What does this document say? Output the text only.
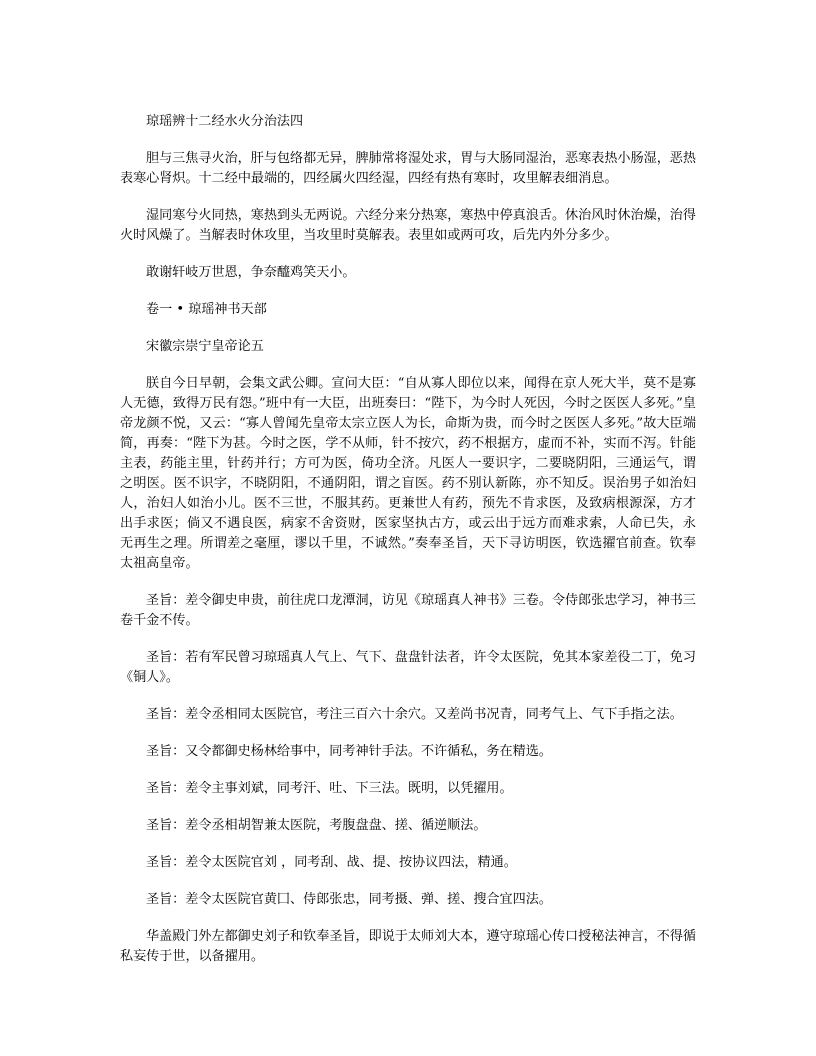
琼瑶辨十二经水火分治法四

胆与三焦寻火治，肝与包络都无异，脾肺常将湿处求，胃与大肠同湿治，恶寒表热小肠湿，恶热表寒心肾炽。十二经中最端的，四经属火四经湿，四经有热有寒时，攻里解表细消息。

湿同寒兮火同热，寒热到头无两说。六经分来分热寒，寒热中停真浪舌。休治风时休治燥，治得火时风燥了。当解表时休攻里，当攻里时莫解表。表里如或两可攻，后先内外分多少。

敢谢轩岐万世恩，争奈醯鸡笑天小。

卷一 • 琼瑶神书天部

宋徽宗崇宁皇帝论五

朕自今日早朝，会集文武公卿。宣问大臣：“自从寡人即位以来，闻得在京人死大半，莫不是寡人无德，致得万民有怨。”班中有一大臣，出班奏曰：“陛下，为今时人死因，今时之医医人多死。”皇帝龙颜不悦，又云：“寡人曾闻先皇帝太宗立医人为长，命斯为贵，而今时之医医人多死。”故大臣端简，再奏：“陛下为甚。今时之医，学不从师，针不按穴，药不根据方，虚而不补，实而不泻。针能主表，药能主里，针药并行；方可为医，倚功全济。凡医人一要识字，二要晓阴阳，三通运气，谓之明医。医不识字，不晓阴阳，不通阴阳，谓之盲医。药不别认新陈，亦不知反。误治男子如治妇人，治妇人如治小儿。医不三世，不服其药。更兼世人有药，预先不肯求医，及致病根源深，方才出手求医；倘又不遇良医，病家不舍资财，医家坚执古方，或云出于远方而难求索，人命已失，永无再生之理。所谓差之毫厘，谬以千里，不诚然。”奏奉圣旨，天下寻访明医，钦选擢官前查。钦奉太祖高皇帝。

圣旨：差令御史申贵，前往虎口龙潭洞，访见《琼瑶真人神书》三卷。令侍郎张忠学习，神书三卷千金不传。

圣旨：若有军民曾习琼瑶真人气上、气下、盘盘针法者，许令太医院，免其本家差役二丁，免习《铜人》。

圣旨：差令丞相同太医院官，考注三百六十余穴。又差尚书况青，同考气上、气下手指之法。

圣旨：又令都御史杨林给事中，同考神针手法。不许循私，务在精选。

圣旨：差令主事刘斌，同考汗、吐、下三法。既明，以凭擢用。

圣旨：差令丞相胡智兼太医院，考腹盘盘、搓、循逆顺法。

圣旨：差令太医院官刘 ，同考刮、战、提、按协议四法，精通。

圣旨：差令太医院官黄囗、侍郎张忠，同考摄、弹、搓、搜合宜四法。

华盖殿门外左都御史刘子和钦奉圣旨，即说于太师刘大本，遵守琼瑶心传口授秘法神言，不得循私妄传于世，以备擢用。
